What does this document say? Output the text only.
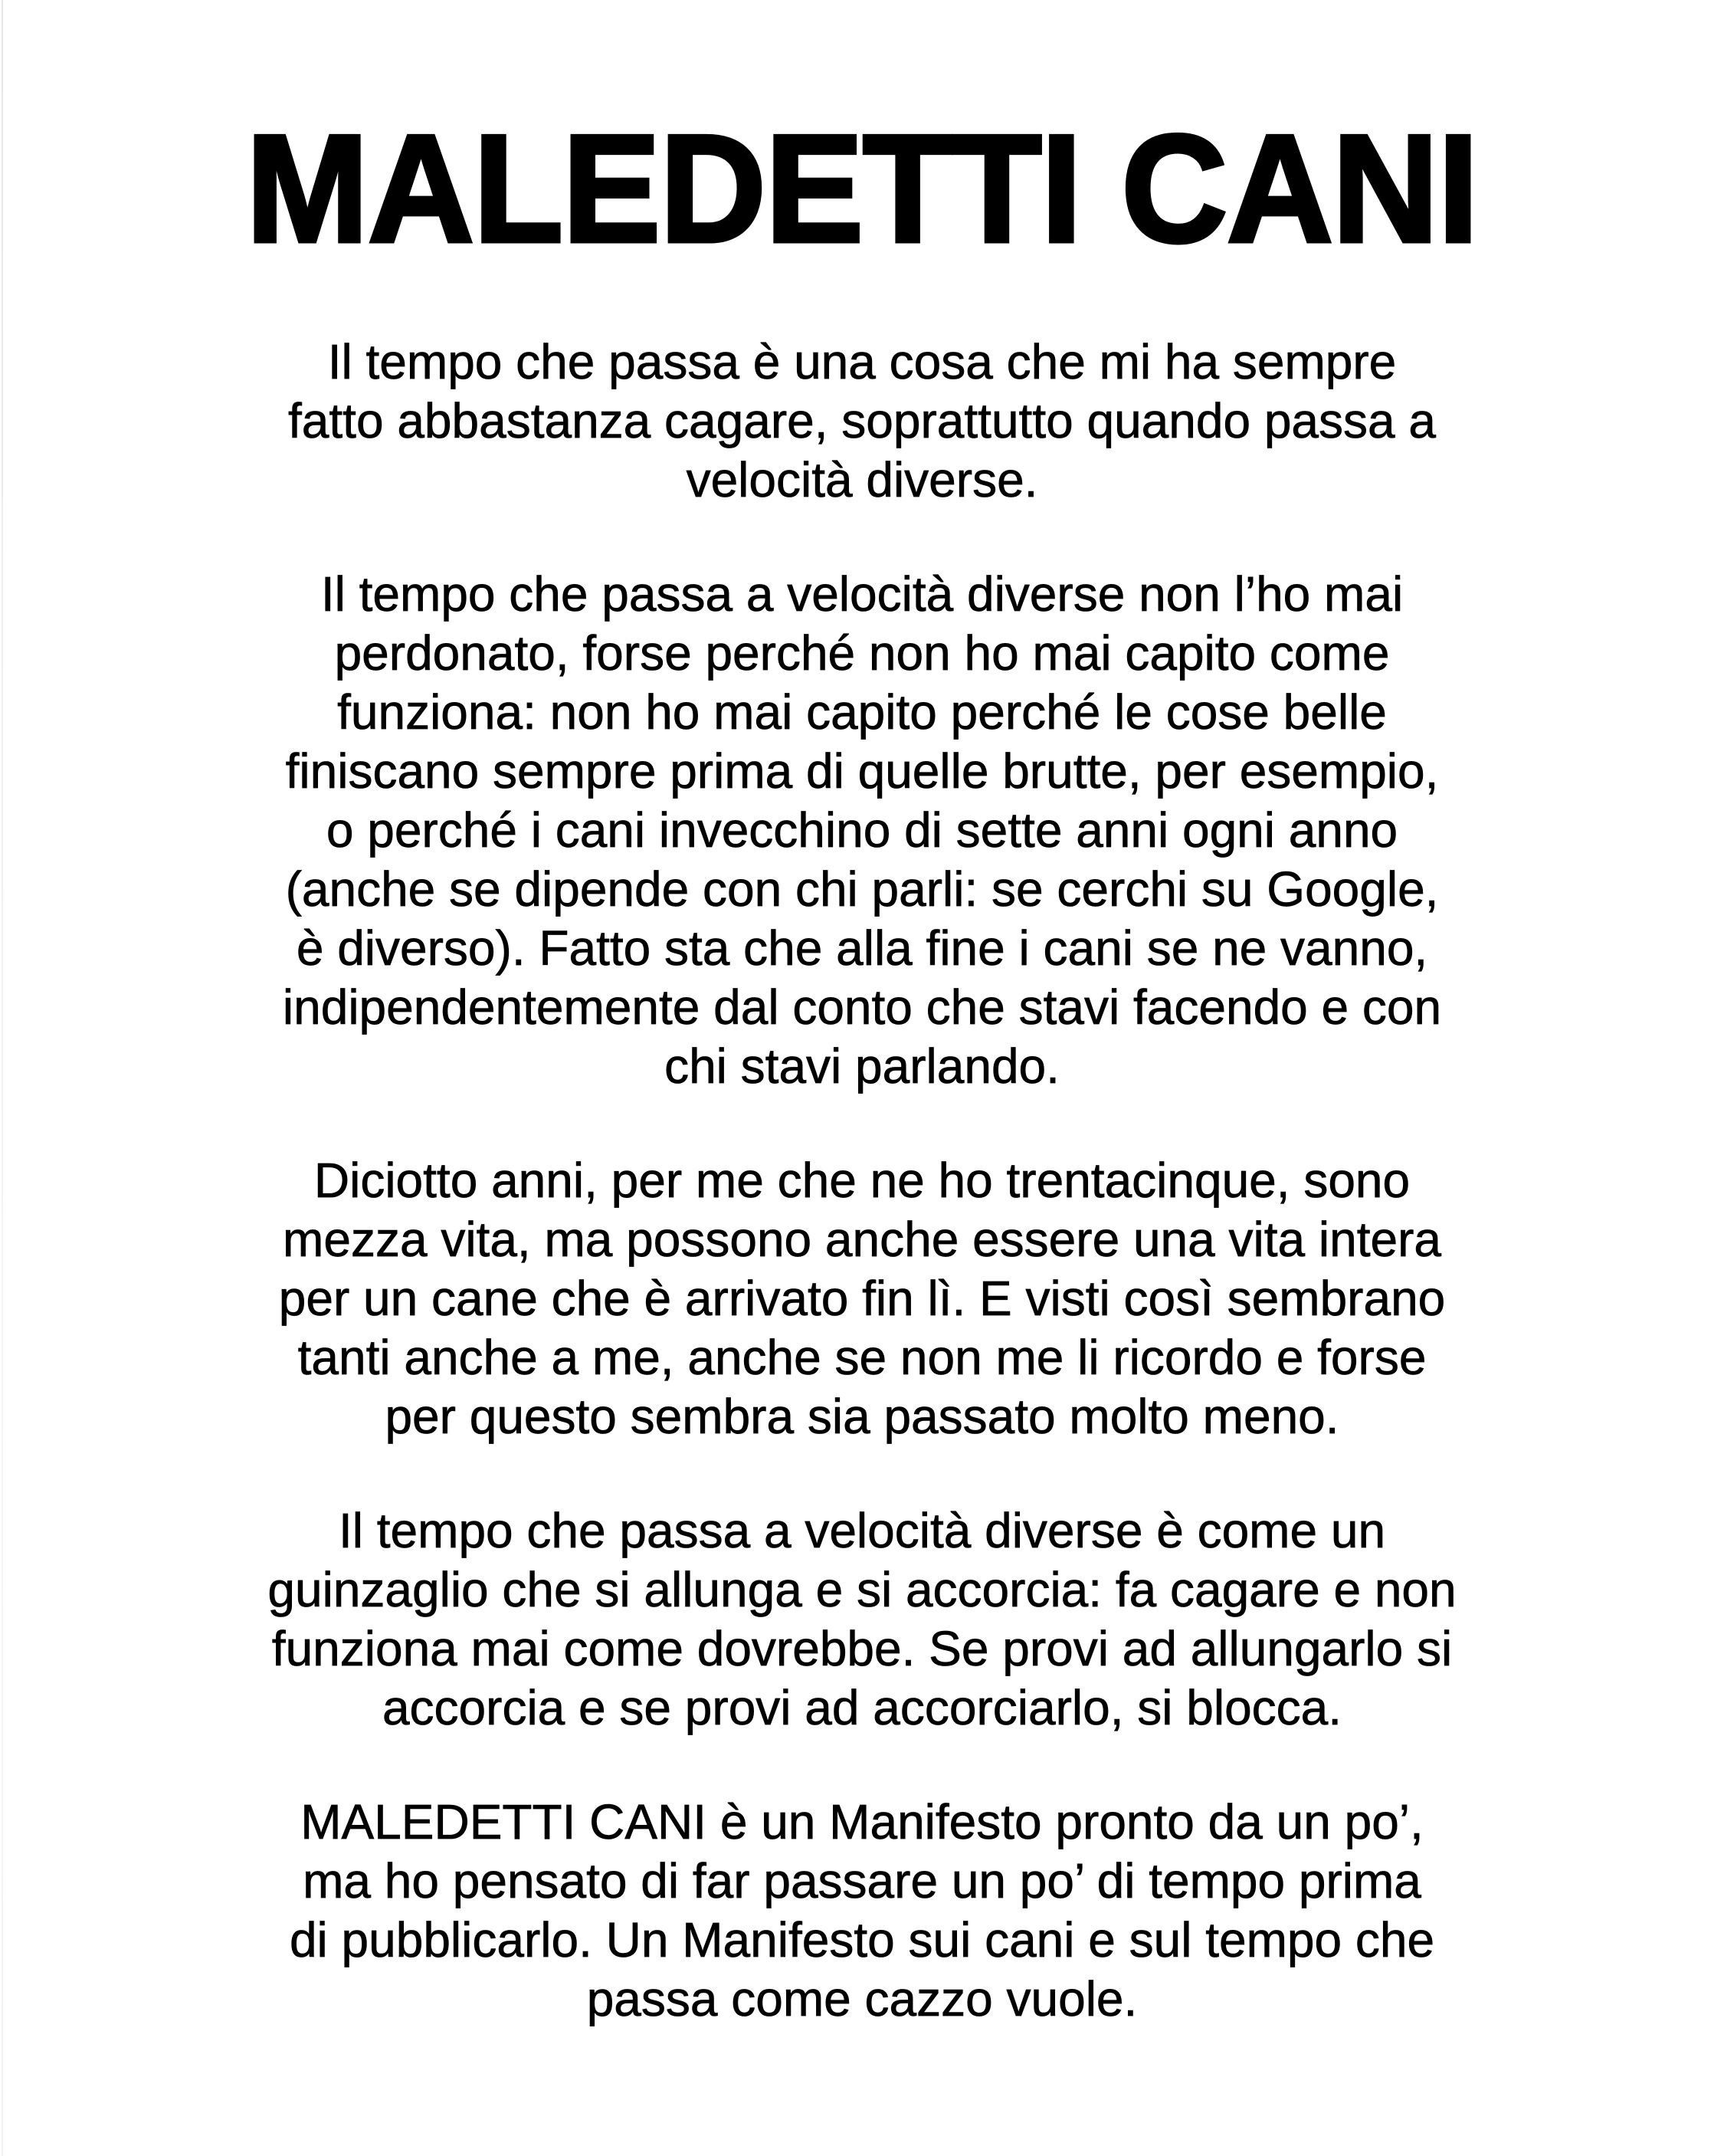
MALEDETTI CANI

Il tempo che passa è una cosa che mi ha sempre
fatto abbastanza cagare, soprattutto quando passa a
velocità diverse.

Il tempo che passa a velocità diverse non l’ho mai
perdonato, forse perché non ho mai capito come
funziona: non ho mai capito perché le cose belle
finiscano sempre prima di quelle brutte, per esempio,
o perché i cani invecchino di sette anni ogni anno
(anche se dipende con chi parli: se cerchi su Google,
è diverso). Fatto sta che alla fine i cani se ne vanno,
indipendentemente dal conto che stavi facendo e con
chi stavi parlando.

Diciotto anni, per me che ne ho trentacinque, sono
mezza vita, ma possono anche essere una vita intera
per un cane che è arrivato fin lì. E visti così sembrano
tanti anche a me, anche se non me li ricordo e forse
per questo sembra sia passato molto meno.

Il tempo che passa a velocità diverse è come un
guinzaglio che si allunga e si accorcia: fa cagare e non
funziona mai come dovrebbe. Se provi ad allungarlo si
accorcia e se provi ad accorciarlo, si blocca.

MALEDETTI CANI è un Manifesto pronto da un po’,
ma ho pensato di far passare un po’ di tempo prima
di pubblicarlo. Un Manifesto sui cani e sul tempo che
passa come cazzo vuole.
